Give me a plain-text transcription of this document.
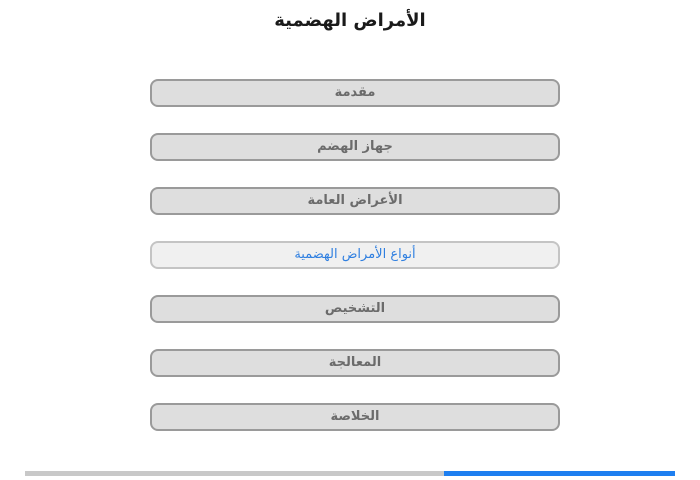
الأمراض الهضمية
مقدمة
جهاز الهضم
الأعراض العامة
أنواع الأمراض الهضمية
التشخيص
المعالجة
الخلاصة
